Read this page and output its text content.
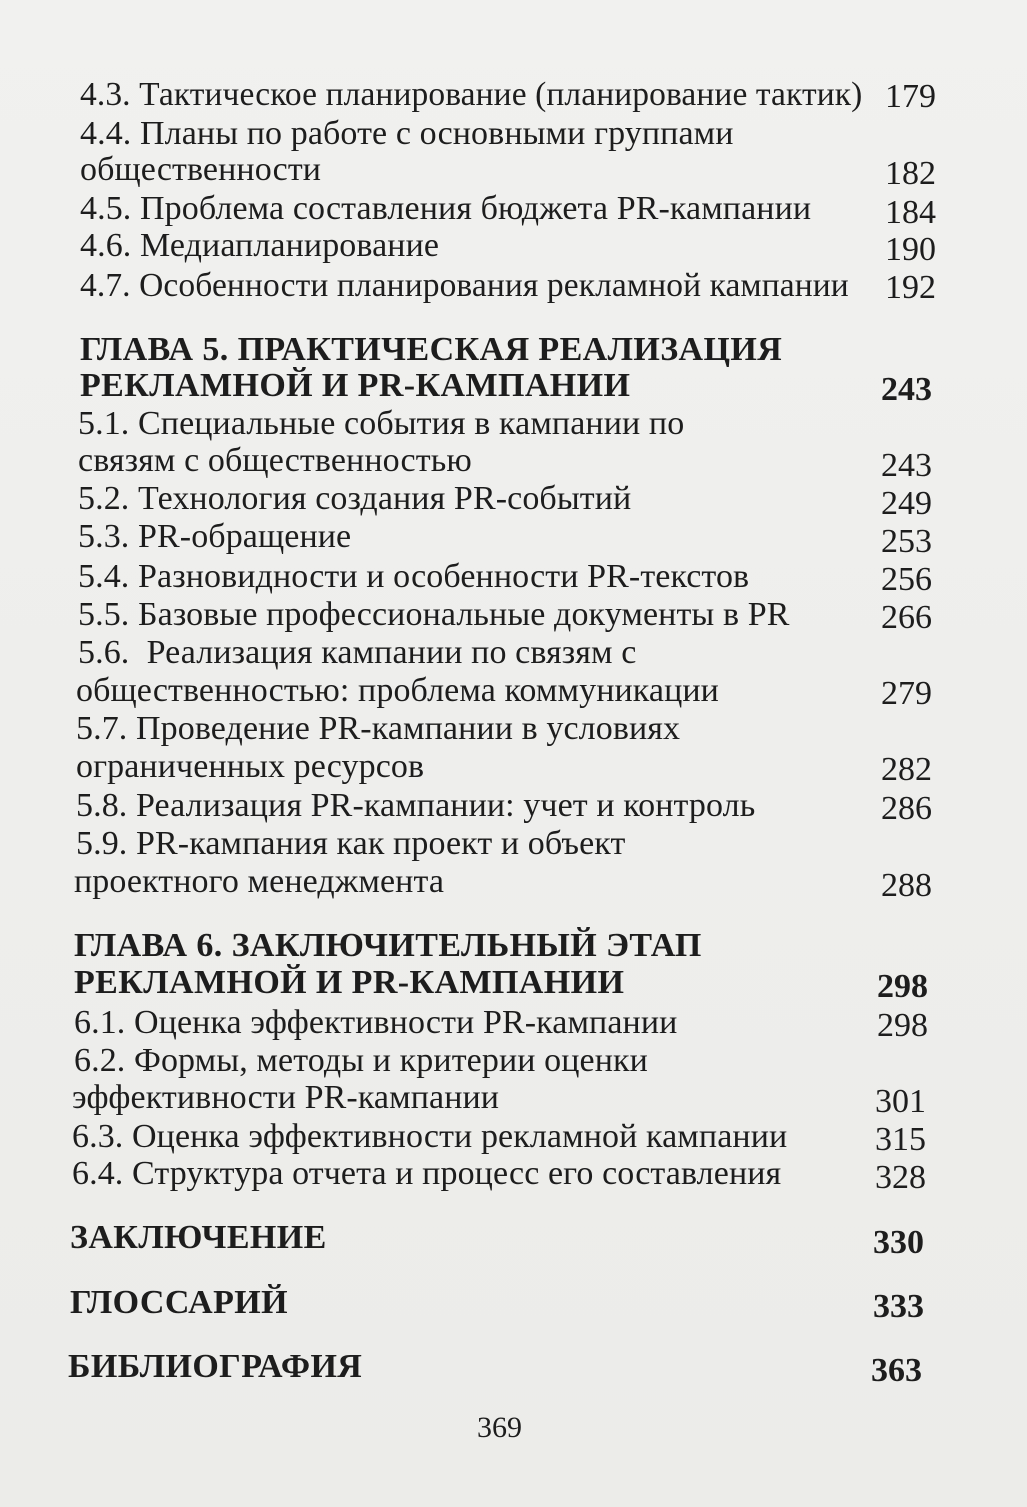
4.3. Тактическое планирование (планирование тактик) 179
4.4. Планы по работе с основными группами
общественности	182
4.5. Проблема составления бюджета PR-кампании	184
4.6. Медиапланирование	190
4.7. Особенности планирования рекламной кампании	192
ГЛАВА 5. ПРАКТИЧЕСКАЯ РЕАЛИЗАЦИЯ
РЕКЛАМНОЙ И PR-КАМПАНИИ	243
5.1. Специальные события в кампании по
связям с общественностью	243
5.2. Технология создания PR-событий	249
5.3. PR-обращение	253
5.4. Разновидности и особенности PR-текстов	256
5.5. Базовые профессиональные документы в PR	266
5.6.  Реализация кампании по связям с
общественностью: проблема коммуникации	279
5.7. Проведение PR-кампании в условиях
ограниченных ресурсов	282
5.8. Реализация PR-кампании: учет и контроль	286
5.9. PR-кампания как проект и объект
проектного менеджмента	288
ГЛАВА 6. ЗАКЛЮЧИТЕЛЬНЫЙ ЭТАП
РЕКЛАМНОЙ И PR-КАМПАНИИ	298
6.1. Оценка эффективности PR-кампании	298
6.2. Формы, методы и критерии оценки
эффективности PR-кампании	301
6.3. Оценка эффективности рекламной кампании	315
6.4. Структура отчета и процесс его составления	328
ЗАКЛЮЧЕНИЕ	330
ГЛОССАРИЙ	333
БИБЛИОГРАФИЯ	363
369
